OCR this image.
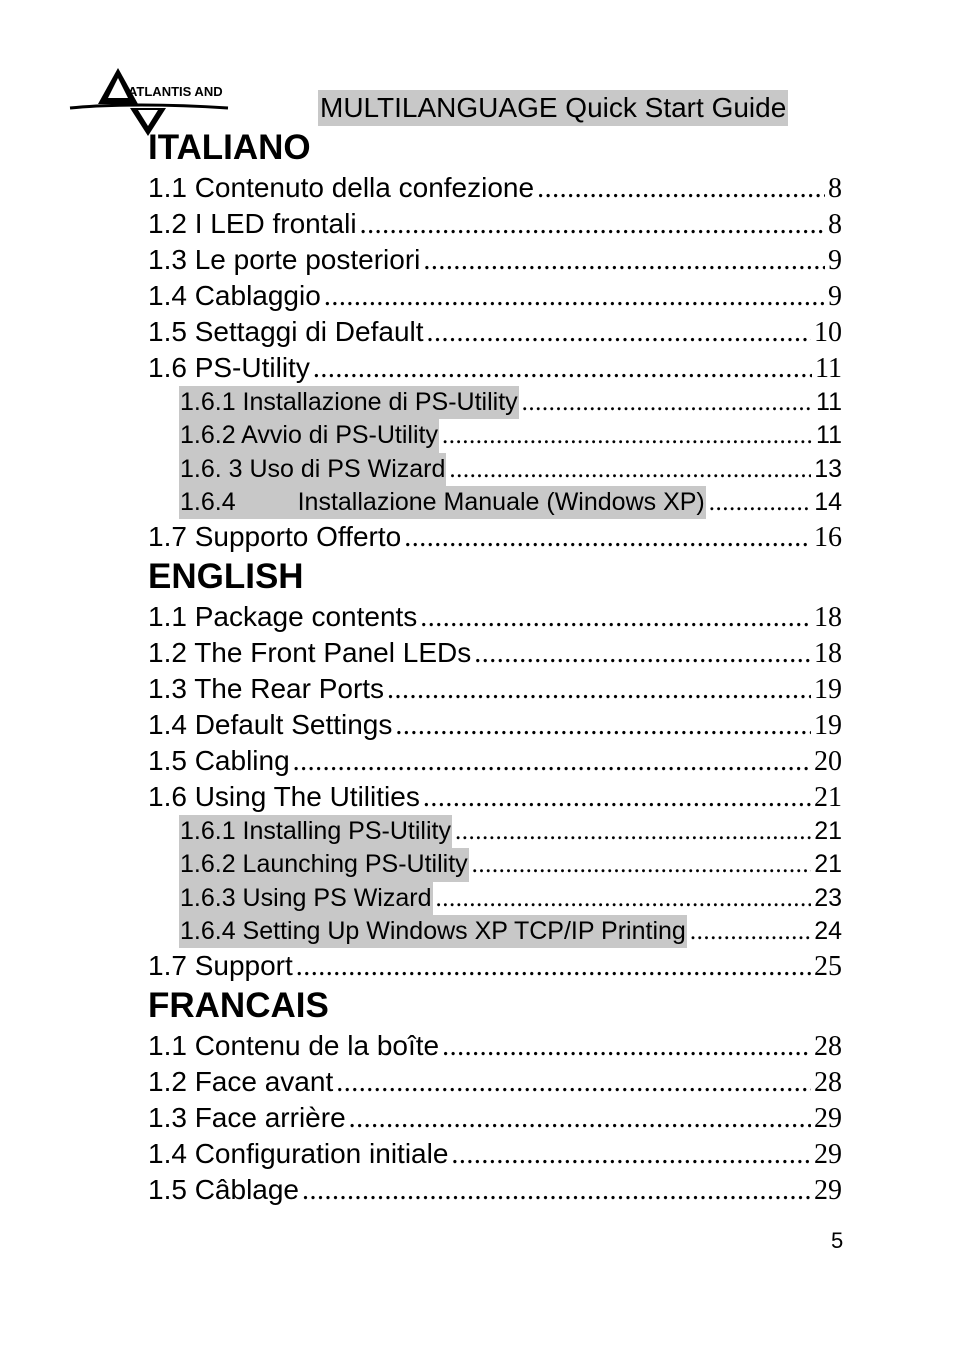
ATLANTIS AND
MULTILANGUAGE Quick Start Guide
ITALIANO
1.1 Contenuto della confezione .....	8
1.2 I LED frontali .....	8
1.3 Le porte posteriori .....	9
1.4 Cablaggio .....	9
1.5 Settaggi di Default .....	10
1.6 PS-Utility .....	11
1.6.1 Installazione di PS-Utility .....	11
1.6.2 Avvio di PS-Utility .....	11
1.6. 3 Uso di PS Wizard .....	13
1.6.4 Installazione Manuale (Windows XP) .....	14
1.7 Supporto Offerto .....	16
ENGLISH
1.1 Package contents .....	18
1.2 The Front Panel LEDs .....	18
1.3 The Rear Ports .....	19
1.4 Default Settings .....	19
1.5 Cabling .....	20
1.6 Using The Utilities .....	21
1.6.1 Installing PS-Utility .....	21
1.6.2 Launching PS-Utility .....	21
1.6.3 Using PS Wizard .....	23
1.6.4 Setting Up Windows XP TCP/IP Printing .....	24
1.7 Support .....	25
FRANCAIS
1.1 Contenu de la boîte .....	28
1.2 Face avant .....	28
1.3 Face arrière .....	29
1.4 Configuration initiale .....	29
1.5 Câblage .....	29
5
